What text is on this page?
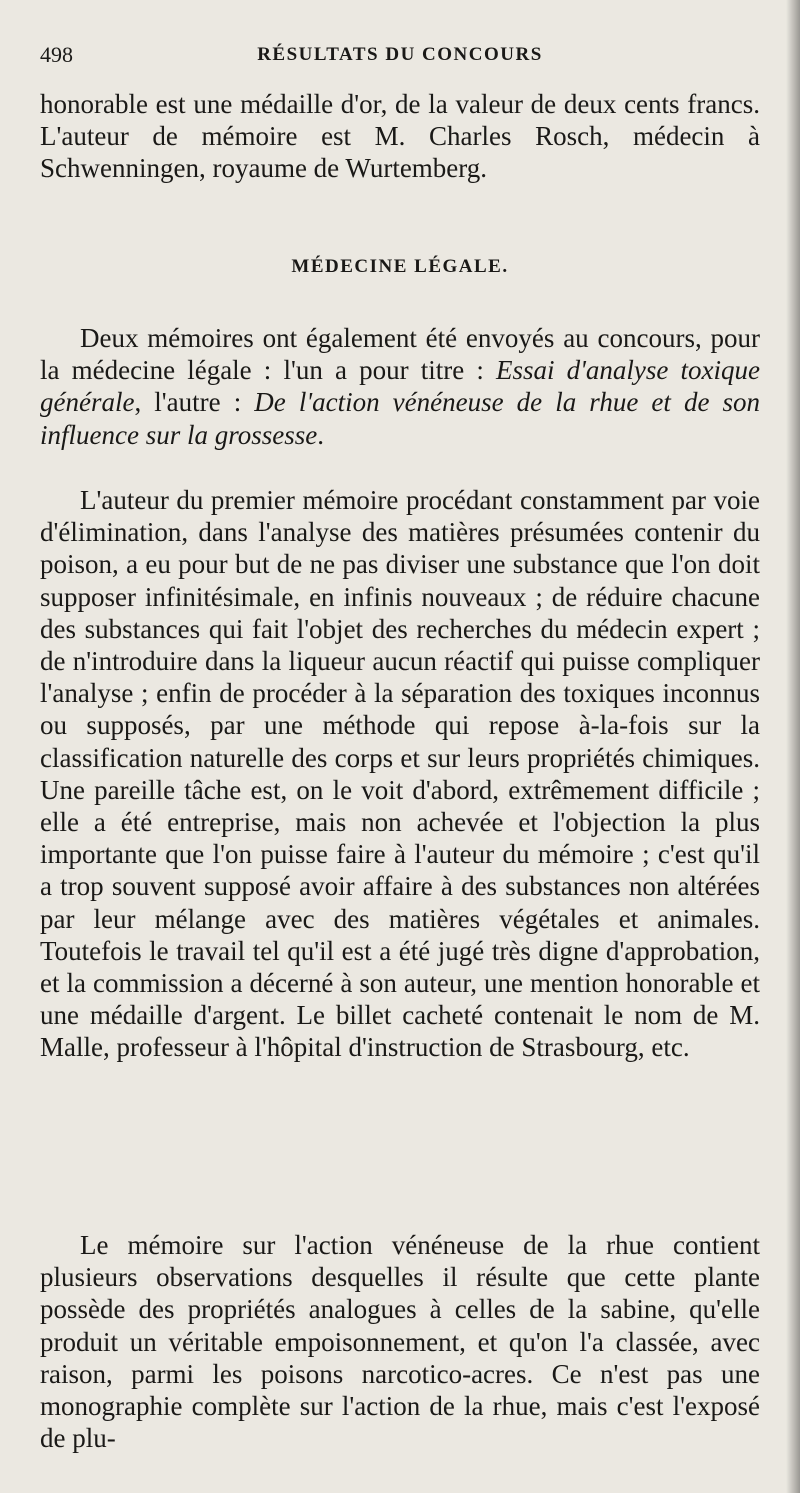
498	RÉSULTATS DU CONCOURS

honorable est une médaille d'or, de la valeur de deux cents francs. L'auteur de mémoire est M. Charles Rosch, médecin à Schwenningen, royaume de Wurtemberg.

MÉDECINE LÉGALE.

Deux mémoires ont également été envoyés au concours, pour la médecine légale : l'un a pour titre : Essai d'analyse toxique générale, l'autre : De l'action vénéneuse de la rhue et de son influence sur la grossesse.

L'auteur du premier mémoire procédant constamment par voie d'élimination, dans l'analyse des matières présumées contenir du poison, a eu pour but de ne pas diviser une substance que l'on doit supposer infinitésimale, en infinis nouveaux ; de réduire chacune des substances qui fait l'objet des recherches du médecin expert ; de n'introduire dans la liqueur aucun réactif qui puisse compliquer l'analyse ; enfin de procéder à la séparation des toxiques inconnus ou supposés, par une méthode qui repose à-la-fois sur la classification naturelle des corps et sur leurs propriétés chimiques. Une pareille tâche est, on le voit d'abord, extrêmement difficile ; elle a été entreprise, mais non achevée et l'objection la plus importante que l'on puisse faire à l'auteur du mémoire ; c'est qu'il a trop souvent supposé avoir affaire à des substances non altérées par leur mélange avec des matières végétales et animales. Toutefois le travail tel qu'il est a été jugé très digne d'approbation, et la commission a décerné à son auteur, une mention honorable et une médaille d'argent. Le billet cacheté contenait le nom de M. Malle, professeur à l'hôpital d'instruction de Strasbourg, etc.

Le mémoire sur l'action vénéneuse de la rhue contient plusieurs observations desquelles il résulte que cette plante possède des propriétés analogues à celles de la sabine, qu'elle produit un véritable empoisonnement, et qu'on l'a classée, avec raison, parmi les poisons narcotico-acres. Ce n'est pas une monographie complète sur l'action de la rhue, mais c'est l'exposé de plu-
